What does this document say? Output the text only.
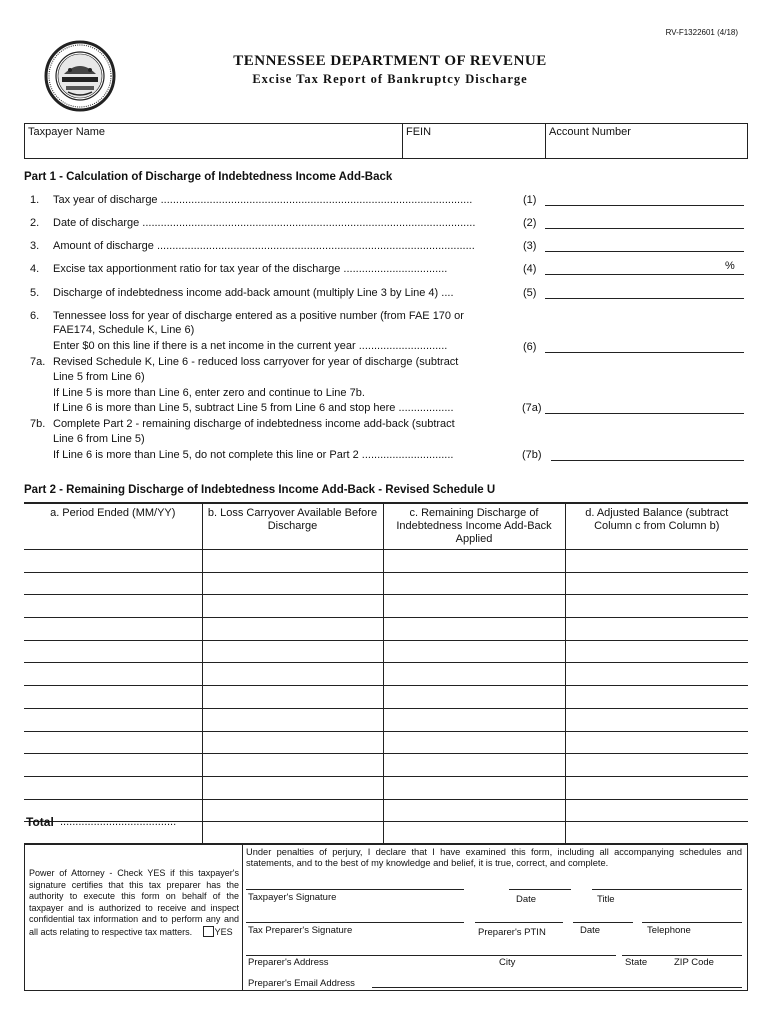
RV-F1322601 (4/18)
TENNESSEE DEPARTMENT OF REVENUE
Excise Tax Report of Bankruptcy Discharge
Taxpayer Name	FEIN	Account Number
Part 1 - Calculation of Discharge of Indebtedness Income Add-Back
1. Tax year of discharge ......................................................................................................	(1)
2. Date of discharge .............................................................................................................	(2)
3. Amount of discharge ........................................................................................................	(3)
4. Excise tax apportionment ratio for tax year of the discharge ..................................	(4)	%
5. Discharge of indebtedness income add-back amount (multiply Line 3 by Line 4) ....	(5)
6. Tennessee loss for year of discharge entered as a positive number (from FAE 170 or
FAE174, Schedule K, Line 6)
Enter $0 on this line if there is a net income in the current year .............................	(6)
7a. Revised Schedule K, Line 6 - reduced loss carryover for year of discharge (subtract
Line 5 from Line 6)
If Line 5 is more than Line 6, enter zero and continue to Line 7b.
If Line 6 is more than Line 5, subtract Line 5 from Line 6 and stop here ..................	(7a)
7b. Complete Part 2 - remaining discharge of indebtedness income add-back (subtract
Line 6 from Line 5)
If Line 6 is more than Line 5, do not complete this line or Part 2 ..............................	(7b)
Part 2 - Remaining Discharge of Indebtedness Income Add-Back - Revised Schedule U
a. Period Ended (MM/YY)	b. Loss Carryover Available Before Discharge	c. Remaining Discharge of Indebtedness Income Add-Back Applied	d. Adjusted Balance (subtract Column c from Column b)

Total ......................................
Power of Attorney - Check YES if this taxpayer's signature certifies that this tax preparer has the authority to execute this form on behalf of the taxpayer and is authorized to receive and inspect confidential tax information and to perform any and all acts relating to respective tax matters.	YES
Under penalties of perjury, I declare that I have examined this form, including all accompanying schedules and statements, and to the best of my knowledge and belief, it is true, correct, and complete.
Taxpayer's Signature	Date	Title
Tax Preparer's Signature	Preparer's PTIN	Date	Telephone
Preparer's Address	City	State	ZIP Code
Preparer's Email Address
